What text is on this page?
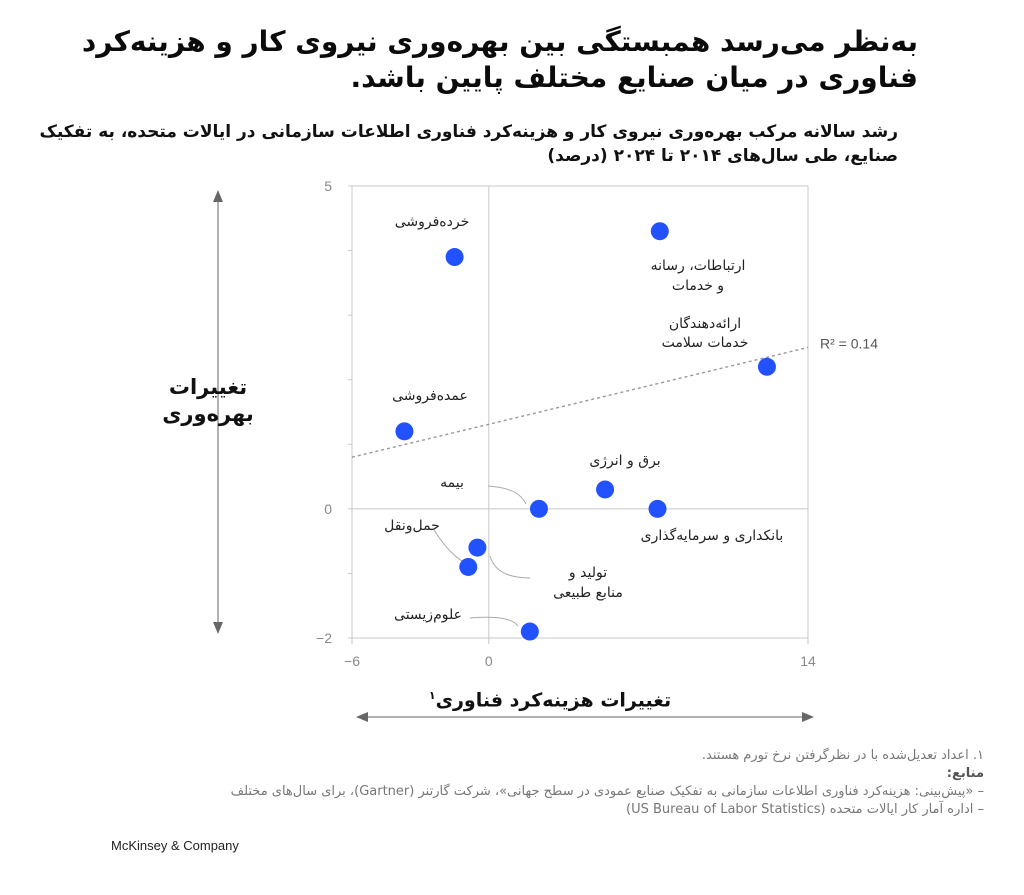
به‌نظر می‌رسد همبستگی بین بهره‌وری نیروی کار و هزینه‌کرد فناوری در میان صنایع مختلف پایین باشد.
رشد سالانه مرکب بهره‌وری نیروی کار و هزینه‌کرد فناوری اطلاعات سازمانی در ایالات متحده، به تفکیک صنایع، طی سال‌های ۲۰۱۴ تا ۲۰۲۴ (درصد)
5
0
−2
−6	0	14
R² = 0.14
خرده‌فروشی
ارتباطات، رسانه
و خدمات
ارائه‌دهندگان
خدمات سلامت
عمده‌فروشی
برق و انرژی
بیمه
بانکداری و سرمایه‌گذاری
حمل‌ونقل
تولید و
منابع طبیعی
علوم‌زیستی
تغییرات بهره‌وری
تغییرات هزینه‌کرد فناوری$^۱$
۱. اعداد تعدیل‌شده با در نظرگرفتن نرخ تورم هستند.
منابع:
– «پیش‌بینی: هزینه‌کرد فناوری اطلاعات سازمانی به تفکیک صنایع عمودی در سطح جهانی»، شرکت گارتنر (Gartner)، برای سال‌های مختلف
– اداره آمار کار ایالات متحده (US Bureau of Labor Statistics)
McKinsey & Company
